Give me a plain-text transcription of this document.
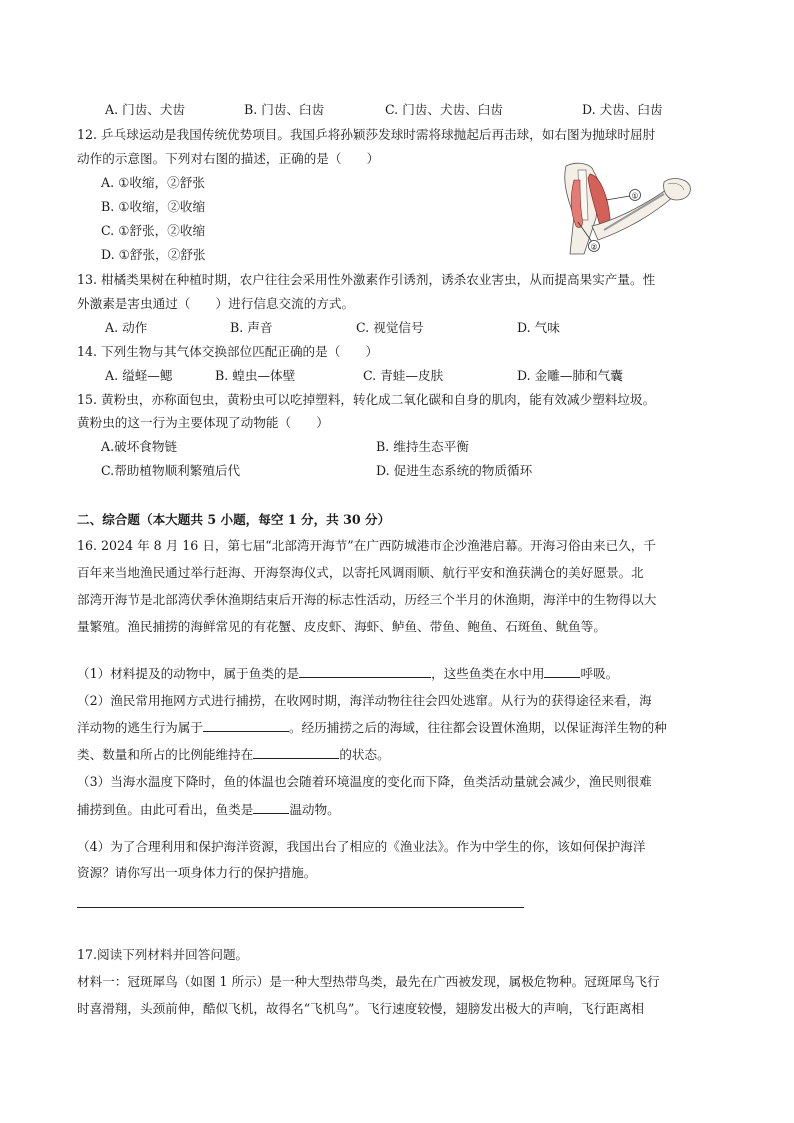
A. 门齿、犬齿	B. 门齿、臼齿	C. 门齿、犬齿、臼齿	D. 犬齿、臼齿
12. 乒乓球运动是我国传统优势项目。我国乒将孙颖莎发球时需将球抛起后再击球，如右图为抛球时屈肘
动作的示意图。下列对右图的描述，正确的是（　　）
A. ①收缩，②舒张
B. ①收缩，②收缩
C. ①舒张，②收缩
D. ①舒张，②舒张
①
②
13. 柑橘类果树在种植时期，农户往往会采用性外激素作引诱剂，诱杀农业害虫，从而提高果实产量。性
外激素是害虫通过（　　）进行信息交流的方式。
A. 动作	B. 声音	C. 视觉信号	D. 气味
14. 下列生物与其气体交换部位匹配正确的是（　　）
A. 缢蛏—鳃	B. 蝗虫—体壁	C. 青蛙—皮肤	D. 金雕—肺和气囊
15. 黄粉虫，亦称面包虫，黄粉虫可以吃掉塑料，转化成二氧化碳和自身的肌肉，能有效减少塑料垃圾。
黄粉虫的这一行为主要体现了动物能（　　）
A.破坏食物链	B. 维持生态平衡
C.帮助植物顺利繁殖后代	D. 促进生态系统的物质循环
二、综合题（本大题共 5 小题，每空 1 分，共 30 分）
16. 2024 年 8 月 16 日，第七届“北部湾开海节”在广西防城港市企沙渔港启幕。开海习俗由来已久，千
百年来当地渔民通过举行赶海、开海祭海仪式，以寄托风调雨顺、航行平安和渔获满仓的美好愿景。北
部湾开海节是北部湾伏季休渔期结束后开海的标志性活动，历经三个半月的休渔期，海洋中的生物得以大
量繁殖。渔民捕捞的海鲜常见的有花蟹、皮皮虾、海虾、鲈鱼、带鱼、鲍鱼、石斑鱼、鱿鱼等。
（1）材料提及的动物中，属于鱼类的是	，这些鱼类在水中用	呼吸。
（2）渔民常用拖网方式进行捕捞，在收网时期，海洋动物往往会四处逃窜。从行为的获得途径来看，海
洋动物的逃生行为属于	。经历捕捞之后的海域，往往都会设置休渔期，以保证海洋生物的种
类、数量和所占的比例能维持在	的状态。
（3）当海水温度下降时，鱼的体温也会随着环境温度的变化而下降，鱼类活动量就会减少，渔民则很难
捕捞到鱼。由此可看出，鱼类是	温动物。
（4）为了合理利用和保护海洋资源，我国出台了相应的《渔业法》。作为中学生的你，该如何保护海洋
资源？请你写出一项身体力行的保护措施。
17.阅读下列材料并回答问题。
材料一：冠斑犀鸟（如图 1 所示）是一种大型热带鸟类，最先在广西被发现，属极危物种。冠斑犀鸟飞行
时喜滑翔，头颈前伸，酷似飞机，故得名“飞机鸟”。飞行速度较慢，翅膀发出极大的声响，飞行距离相
